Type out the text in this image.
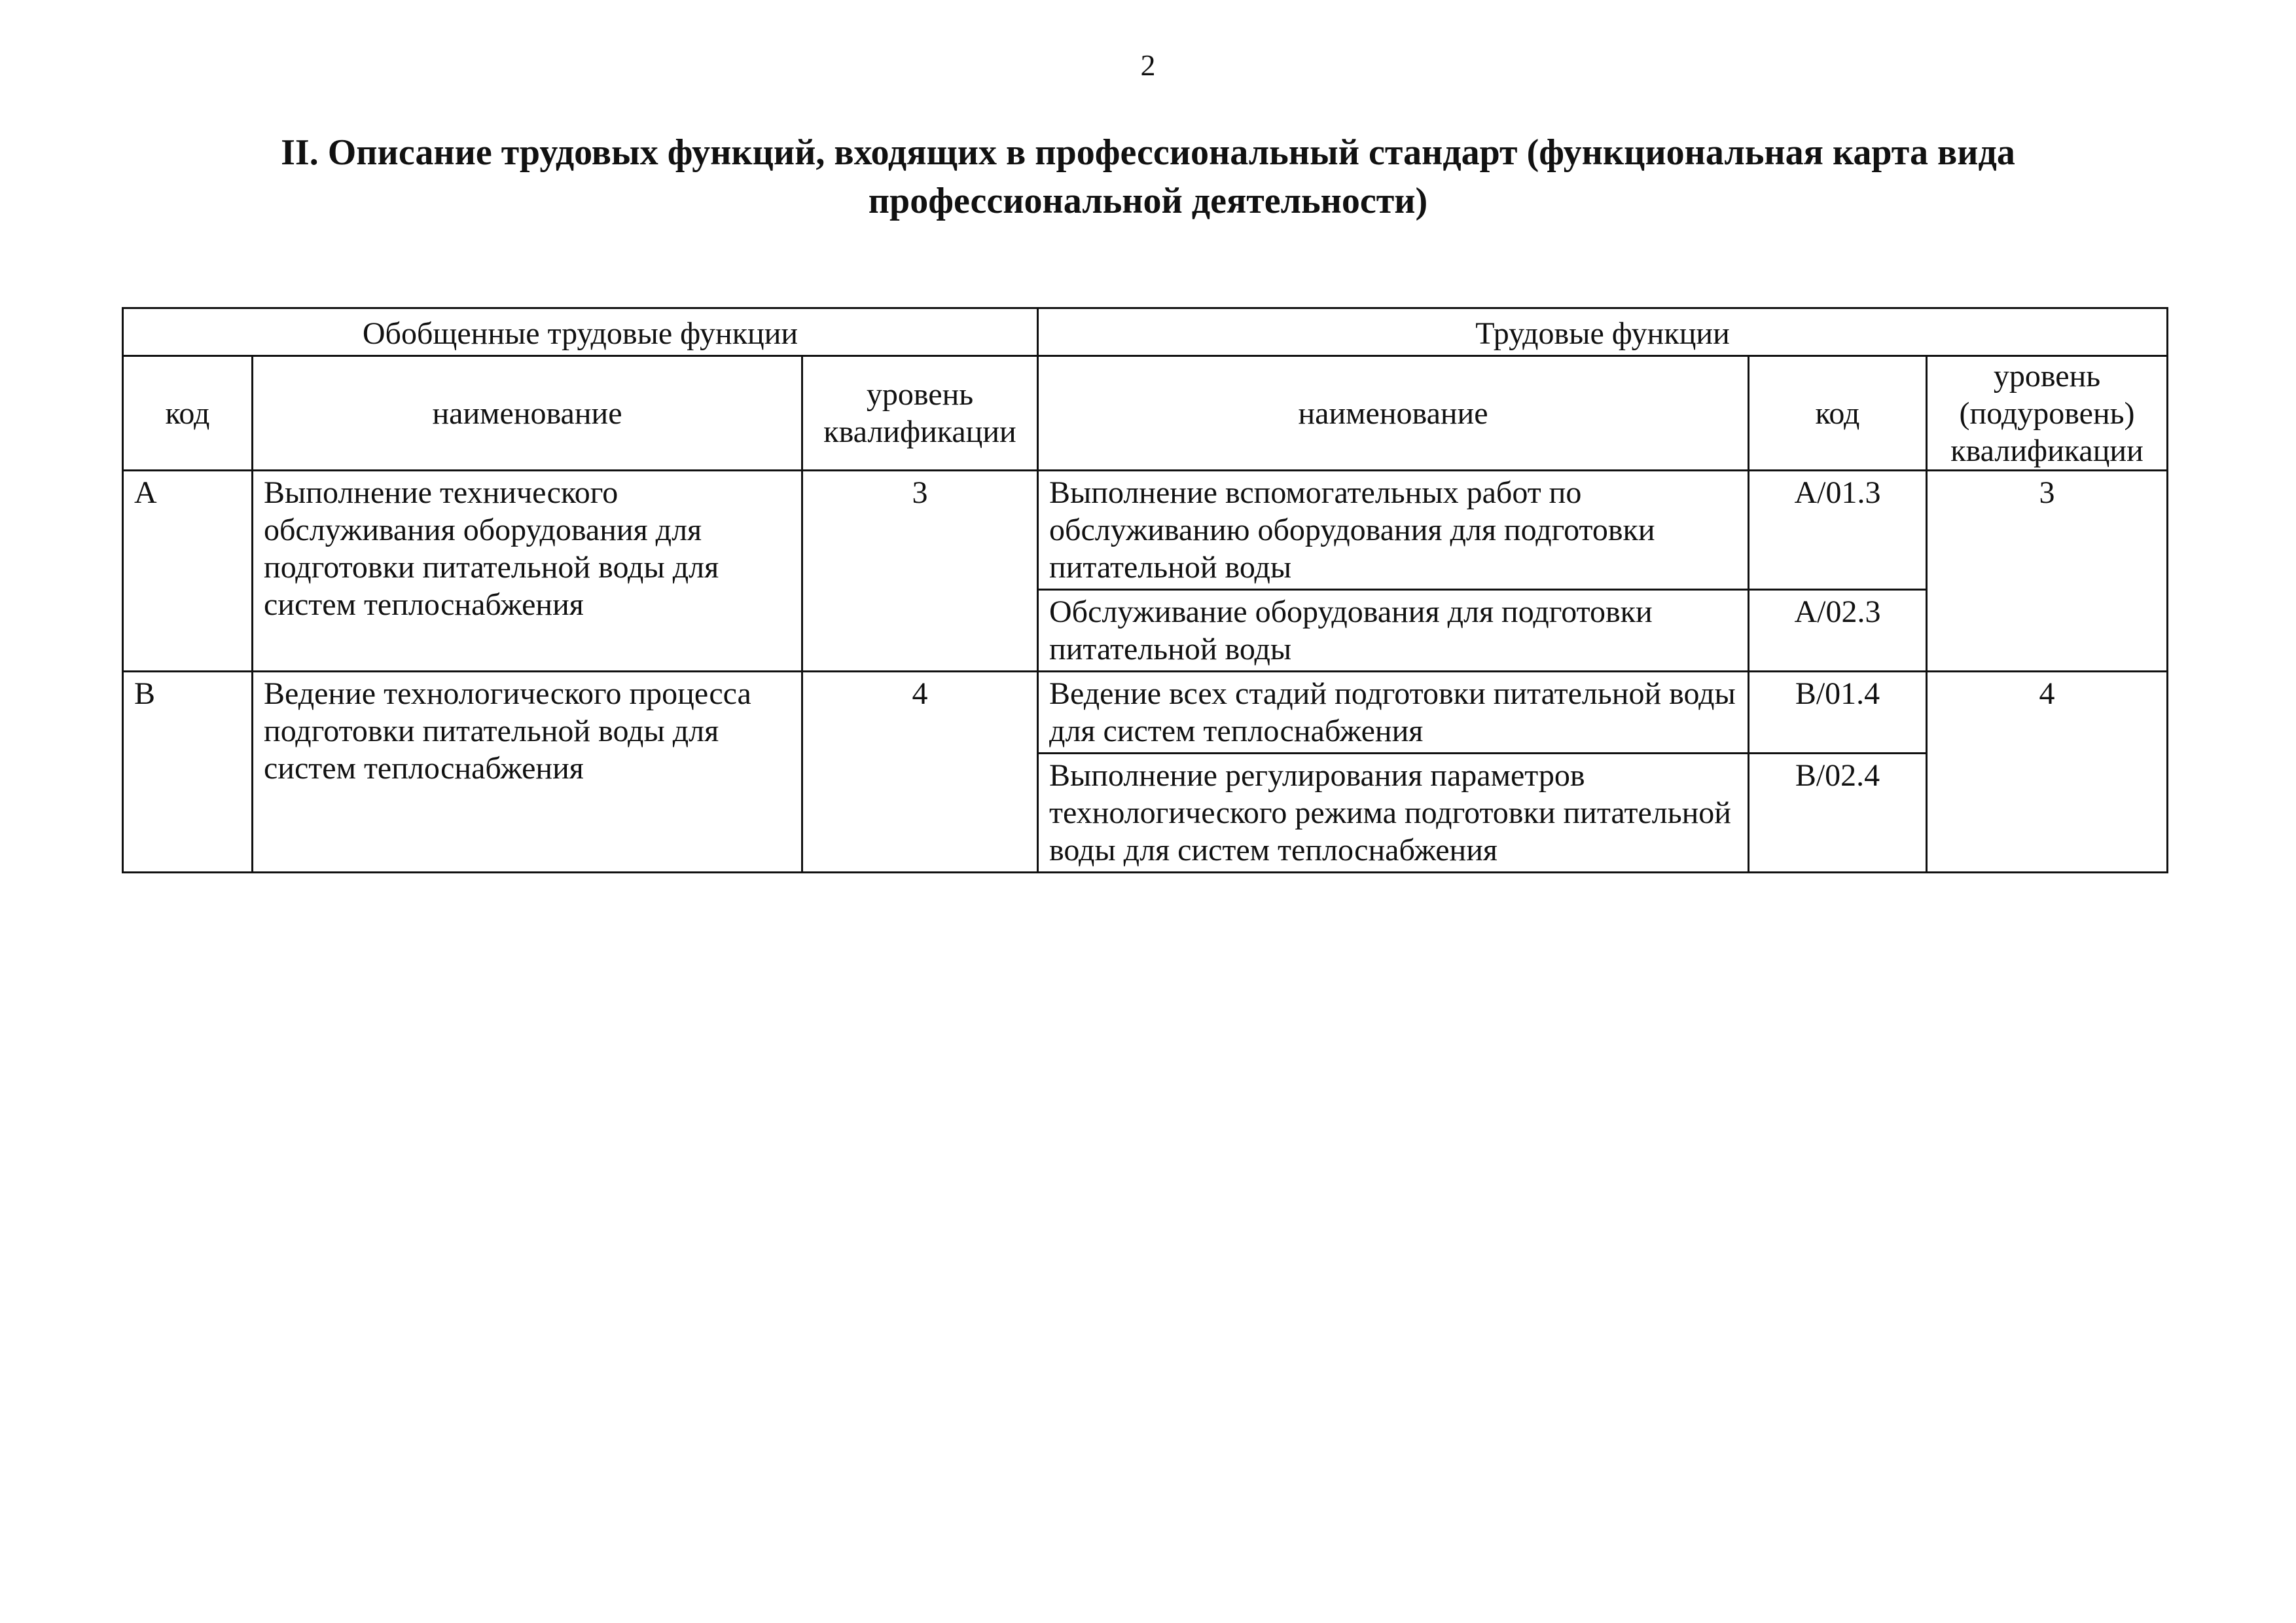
2
II. Описание трудовых функций, входящих в профессиональный стандарт (функциональная карта вида
профессиональной деятельности)
Обобщенные трудовые функции			Трудовые функции		
код	наименование	уровень квалификации	наименование	код	уровень (подуровень) квалификации
A	Выполнение технического обслуживания оборудования для подготовки питательной воды для систем теплоснабжения	3	Выполнение вспомогательных работ по обслуживанию оборудования для подготовки питательной воды	A/01.3	3
			Обслуживание оборудования для подготовки питательной воды	A/02.3	
B	Ведение технологического процесса подготовки питательной воды для систем теплоснабжения	4	Ведение всех стадий подготовки питательной воды для систем теплоснабжения	B/01.4	4
			Выполнение регулирования параметров технологического режима подготовки питательной воды для систем теплоснабжения	B/02.4	
